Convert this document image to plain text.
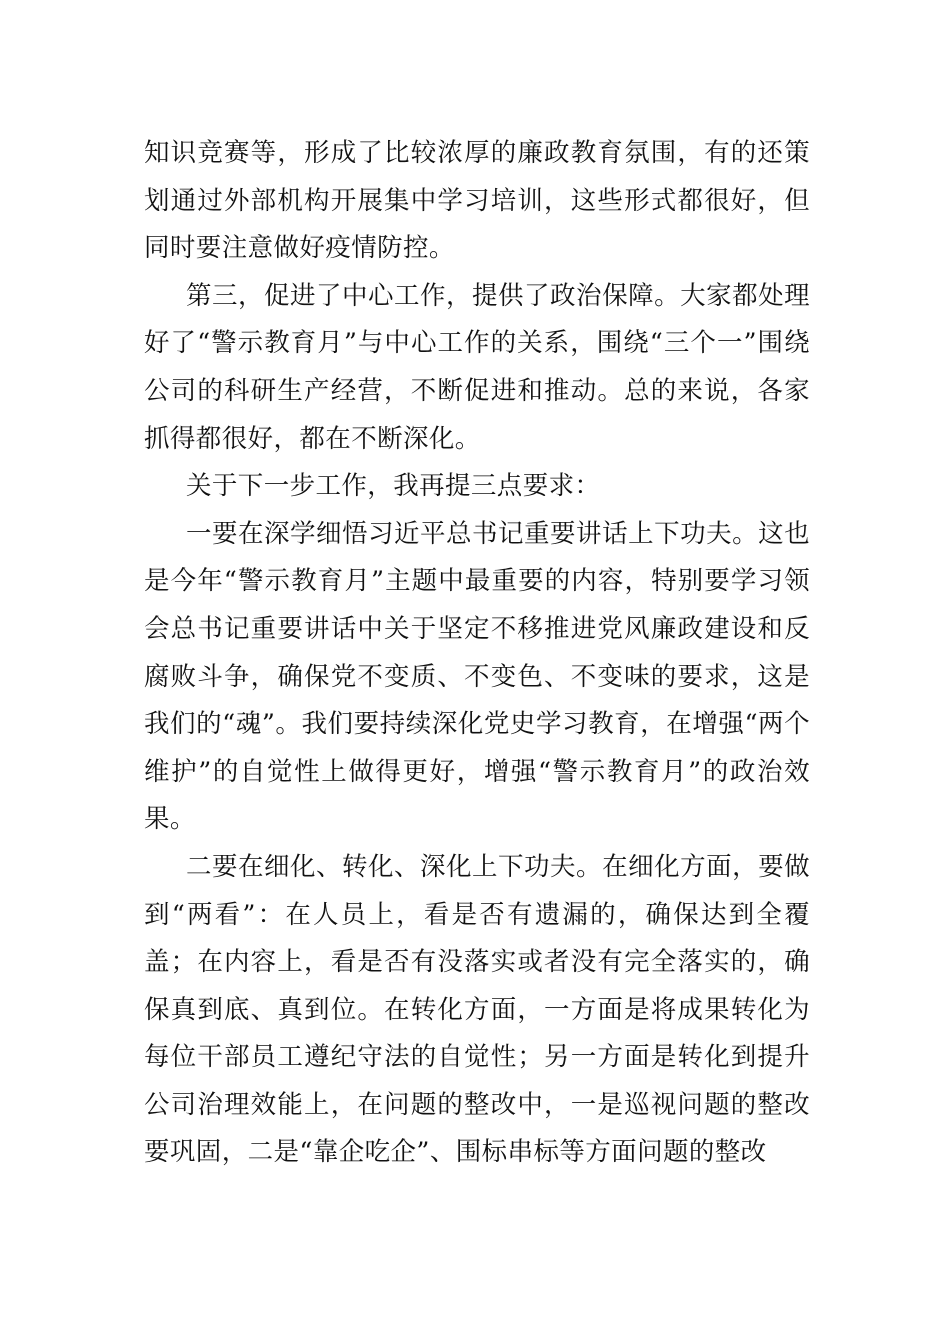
知识竞赛等，形成了比较浓厚的廉政教育氛围，有的还策划通过外部机构开展集中学习培训，这些形式都很好，但同时要注意做好疫情防控。

第三，促进了中心工作，提供了政治保障。大家都处理好了“警示教育月”与中心工作的关系，围绕“三个一”围绕公司的科研生产经营，不断促进和推动。总的来说，各家抓得都很好，都在不断深化。

关于下一步工作，我再提三点要求：

一要在深学细悟习近平总书记重要讲话上下功夫。这也是今年“警示教育月”主题中最重要的内容，特别要学习领会总书记重要讲话中关于坚定不移推进党风廉政建设和反腐败斗争，确保党不变质、不变色、不变味的要求，这是我们的“魂”。我们要持续深化党史学习教育，在增强“两个维护”的自觉性上做得更好，增强“警示教育月”的政治效果。

二要在细化、转化、深化上下功夫。在细化方面，要做到“两看”：在人员上，看是否有遗漏的，确保达到全覆盖；在内容上，看是否有没落实或者没有完全落实的，确保真到底、真到位。在转化方面，一方面是将成果转化为每位干部员工遵纪守法的自觉性；另一方面是转化到提升公司治理效能上，在问题的整改中，一是巡视问题的整改要巩固，二是“靠企吃企”、围标串标等方面问题的整改
